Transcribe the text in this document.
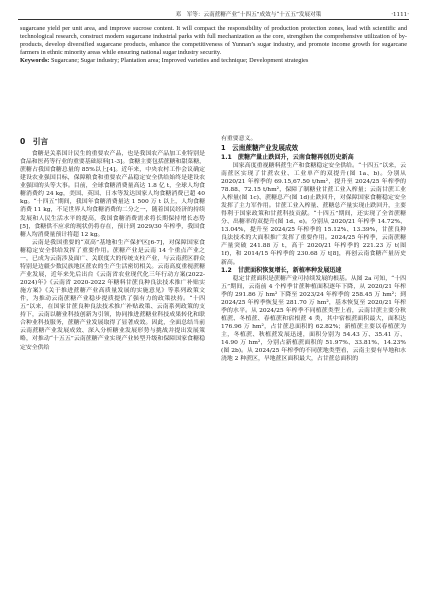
邓　军等：云南蔗糖产业“十四五”成效与“十五五”发展对策	·1111·

sugarcane yield per unit area, and improve sucrose content. It will compact the responsibility of production protection zones, lead with scientific and technological research, construct modern sugarcane industrial parks with full mechanization as the core, strengthen the comprehensive utilization of by-products, develop diversified sugarcane products, enhance the competitiveness of Yunnan’s sugar industry, and promote income growth for sugarcane farmers in ethnic minority areas while ensuring national sugar industry security.

Keywords: Sugarcane; Sugar industry; Plantation area; Improved varieties and technique; Development strategies

0　引言

食糖是关系国计民生的重要农产品，也是我国农产品加工业特别是食品和医药等行业的重要基础原料[1-3]。食糖主要包括蔗糖和甜菜糖，蔗糖占我国食糖总量的 85%以上[4]。近年来，中央农村工作会议确定建设农业强国目标，保障粮食和重要农产品稳定安全供给始终是建设农业强国的头等大事。目前，全球食糖消费量高达 1.8 亿 t，全球人均食糖消费约 24 kg，美国、英国、日本等发达国家人均食糖消费已超 40 kg。“十四五”期间，我国年食糖消费量达 1 500 万 t 以上，人均食糖消费 11 kg，不足世界人均食糖消费的二分之一，随着国民经济的持续发展和人民生活水平的提高，我国食糖消费需求将长期保持增长态势[5]，食糖供不应求的现状仍将存在，预计到 2029/30 年榨季，我国食糖人均消费量预计将超 12 kg。

云南是我国重要的“双高”基地和生产保护区[6-7]，对保障国家食糖稳定安全供给发挥了重要作用。蔗糖产业是云南 14 个重点产业之一，已成为云南涉及面广、关联度大的传统支柱产业，与云南蔗区群众特别是边疆少数民族地区蔗农的生产生活密切相关。云南高度重视蔗糖产业发展，近年来先后出台《云南省农业现代化三年行动方案(2022-2024)年》《云南省 2020-2022 年糖料甘蔗良种良法技术推广补贴实施方案》《关于推进蔗糖产业高质量发展的实施意见》等系列政策文件，为推动云南蔗糖产业稳步提质提供了强有力的政策扶持。“十四五”以来，在国家甘蔗良种良法技术推广补贴政策、云南系列政策的支持下，云南以糖业科技创新为引领，协同推进蔗糖业科技成果转化和联合种业科技服务，蔗糖产业发展取得了显著成效。因此，全面总结当前云南蔗糖产业发展成效、深入分析糖业发展形势与挑战并提出发展策略，对推动“十五五”云南蔗糖产业实现产业转型升级和保障国家食糖稳定安全供给

有重要意义。

1　云南蔗糖产业发展成效
1.1　蔗糖产量止跌回升，云南食糖再创历史新高

国家高度重视糖料蔗生产和食糖稳定安全供给。“十四五”以来，云南蔗区实现了甘蔗农业、工业单产的双提升(图 1a、b)。分别从 2020/21 年榨季的 69.15,67.50 t/hm²，提升至 2024/25 年榨季的 78.88、72.15 t/hm²，保障了制糖业甘蔗工业入榨量；云南甘蔗工业入榨量(图 1c)、蔗糖总产(图 1d)止跌回升，对保障国家食糖稳定安全发挥了主力军作用。甘蔗工业入榨量、蔗糖总产量实现止跌回升，主要得利于国家政策和甘蔗科技贡献。“十四五”期间，还实现了全省蔗糖分、出糖率的双提升(图 1d、e)。分别从 2020/21 年榨季 14.72%、13.04%，提升至 2024/25 年榨季的 15.12%、13.39%，甘蔗良种良法技术的大面积推广发挥了重要作用。2024/25 年榨季，云南蔗糖产量突破 241.88 万 t，高于 2020/21 年榨季的 221.23 万 t(图 1f)，和 2014/15 年榨季的 230.68 万 t[8]，再创云南食糖产量历史新高。

1.2　甘蔗面积恢复增长，新植率种发展迅速

稳定甘蔗面积是蔗糖产业可持续发展的根基。从图 2a 可知，“十四五”期间，云南前 4 个榨季甘蔗种植面积逐年下降，从 2020/21 年榨季的 291.86 万 hm² 下降至 2023/24 年榨季的 258.45 万 hm²；到 2024/25 年榨季恢复至 281.70 万 hm²，基本恢复至 2020/21 年榨季的水平。从 2024/25 年榨季不同植蔗类型上看，云南甘蔗主要分秋植蔗、冬植蔗、春植蔗和宿根蔗 4 类，其中宿根蔗面积最大，面积达 176.96 万 hm²，占甘蔗总面积的 62.82%；新植蔗主要以春植蔗为主，冬植蔗、秋植蔗发展迅速，面积分别为 54.43 万、35.41 万、14.90 万 hm²，分别占新植蔗面积的 51.97%、33.81%、14.23%(图 2b)。从 2024/25 年榨季的不同蔗地类型看，云南主要有旱地和水浇地 2 种蔗区，旱地蔗区面积最大，占甘蔗总面积的
